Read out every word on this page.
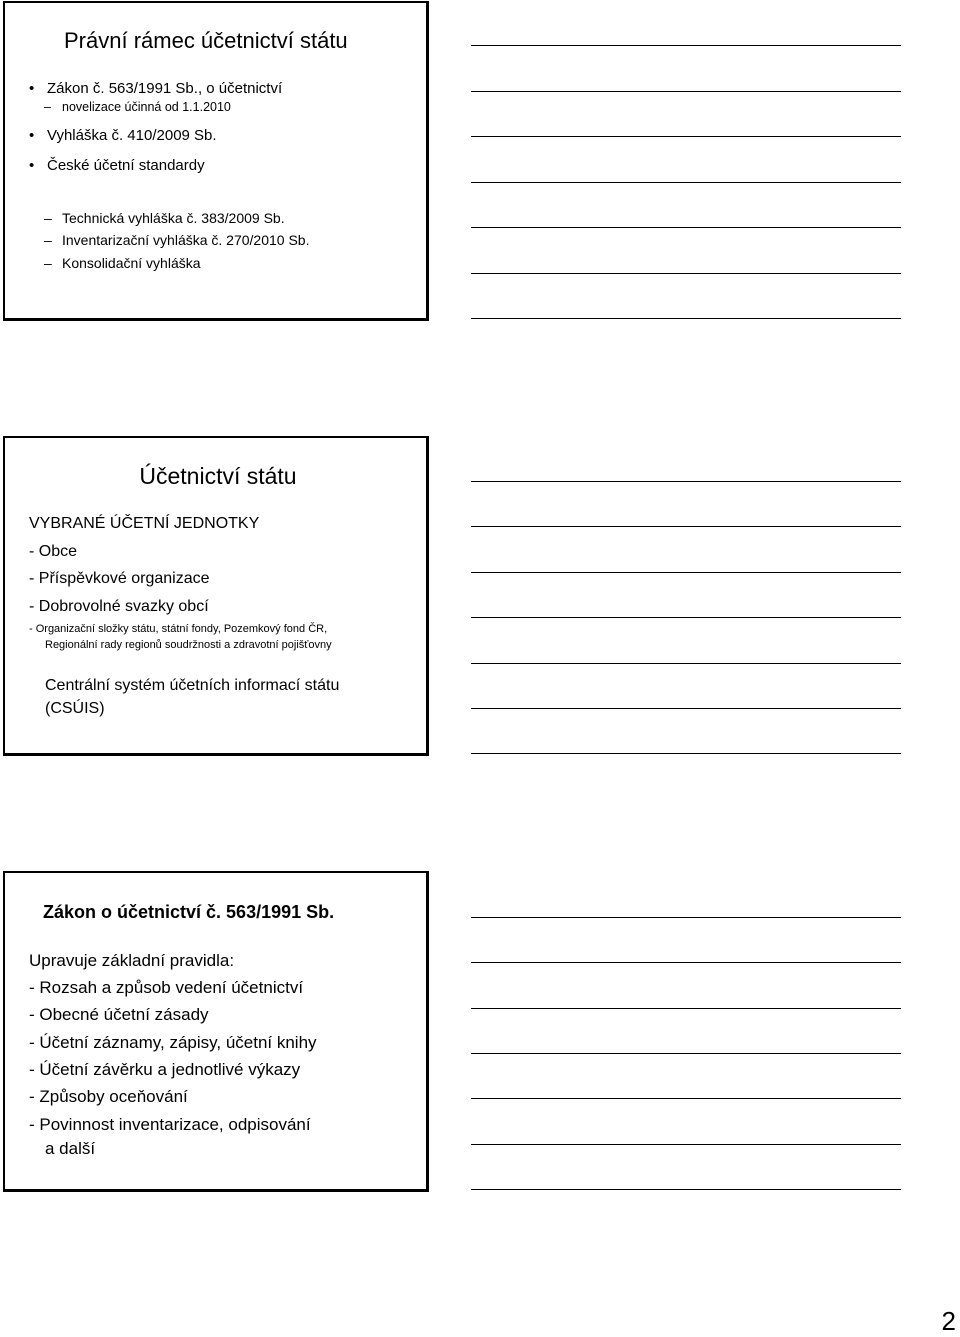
Právní rámec účetnictví státu
• Zákon č. 563/1991 Sb., o účetnictví
– novelizace účinná od 1.1.2010
• Vyhláška č. 410/2009 Sb.
• České účetní standardy
– Technická vyhláška č. 383/2009 Sb.
– Inventarizační vyhláška č. 270/2010 Sb.
– Konsolidační vyhláška
Účetnictví státu
VYBRANÉ ÚČETNÍ JEDNOTKY
- Obce
- Příspěvkové organizace
- Dobrovolné svazky obcí
- Organizační složky státu, státní fondy, Pozemkový fond ČR,
Regionální rady regionů soudržnosti a zdravotní pojišťovny
Centrální systém účetních informací státu
(CSÚIS)
Zákon o účetnictví č. 563/1991 Sb.
Upravuje základní pravidla:
- Rozsah a způsob vedení účetnictví
- Obecné účetní zásady
- Účetní záznamy, zápisy, účetní knihy
- Účetní závěrku a jednotlivé výkazy
- Způsoby oceňování
- Povinnost inventarizace, odpisování
a další
2
